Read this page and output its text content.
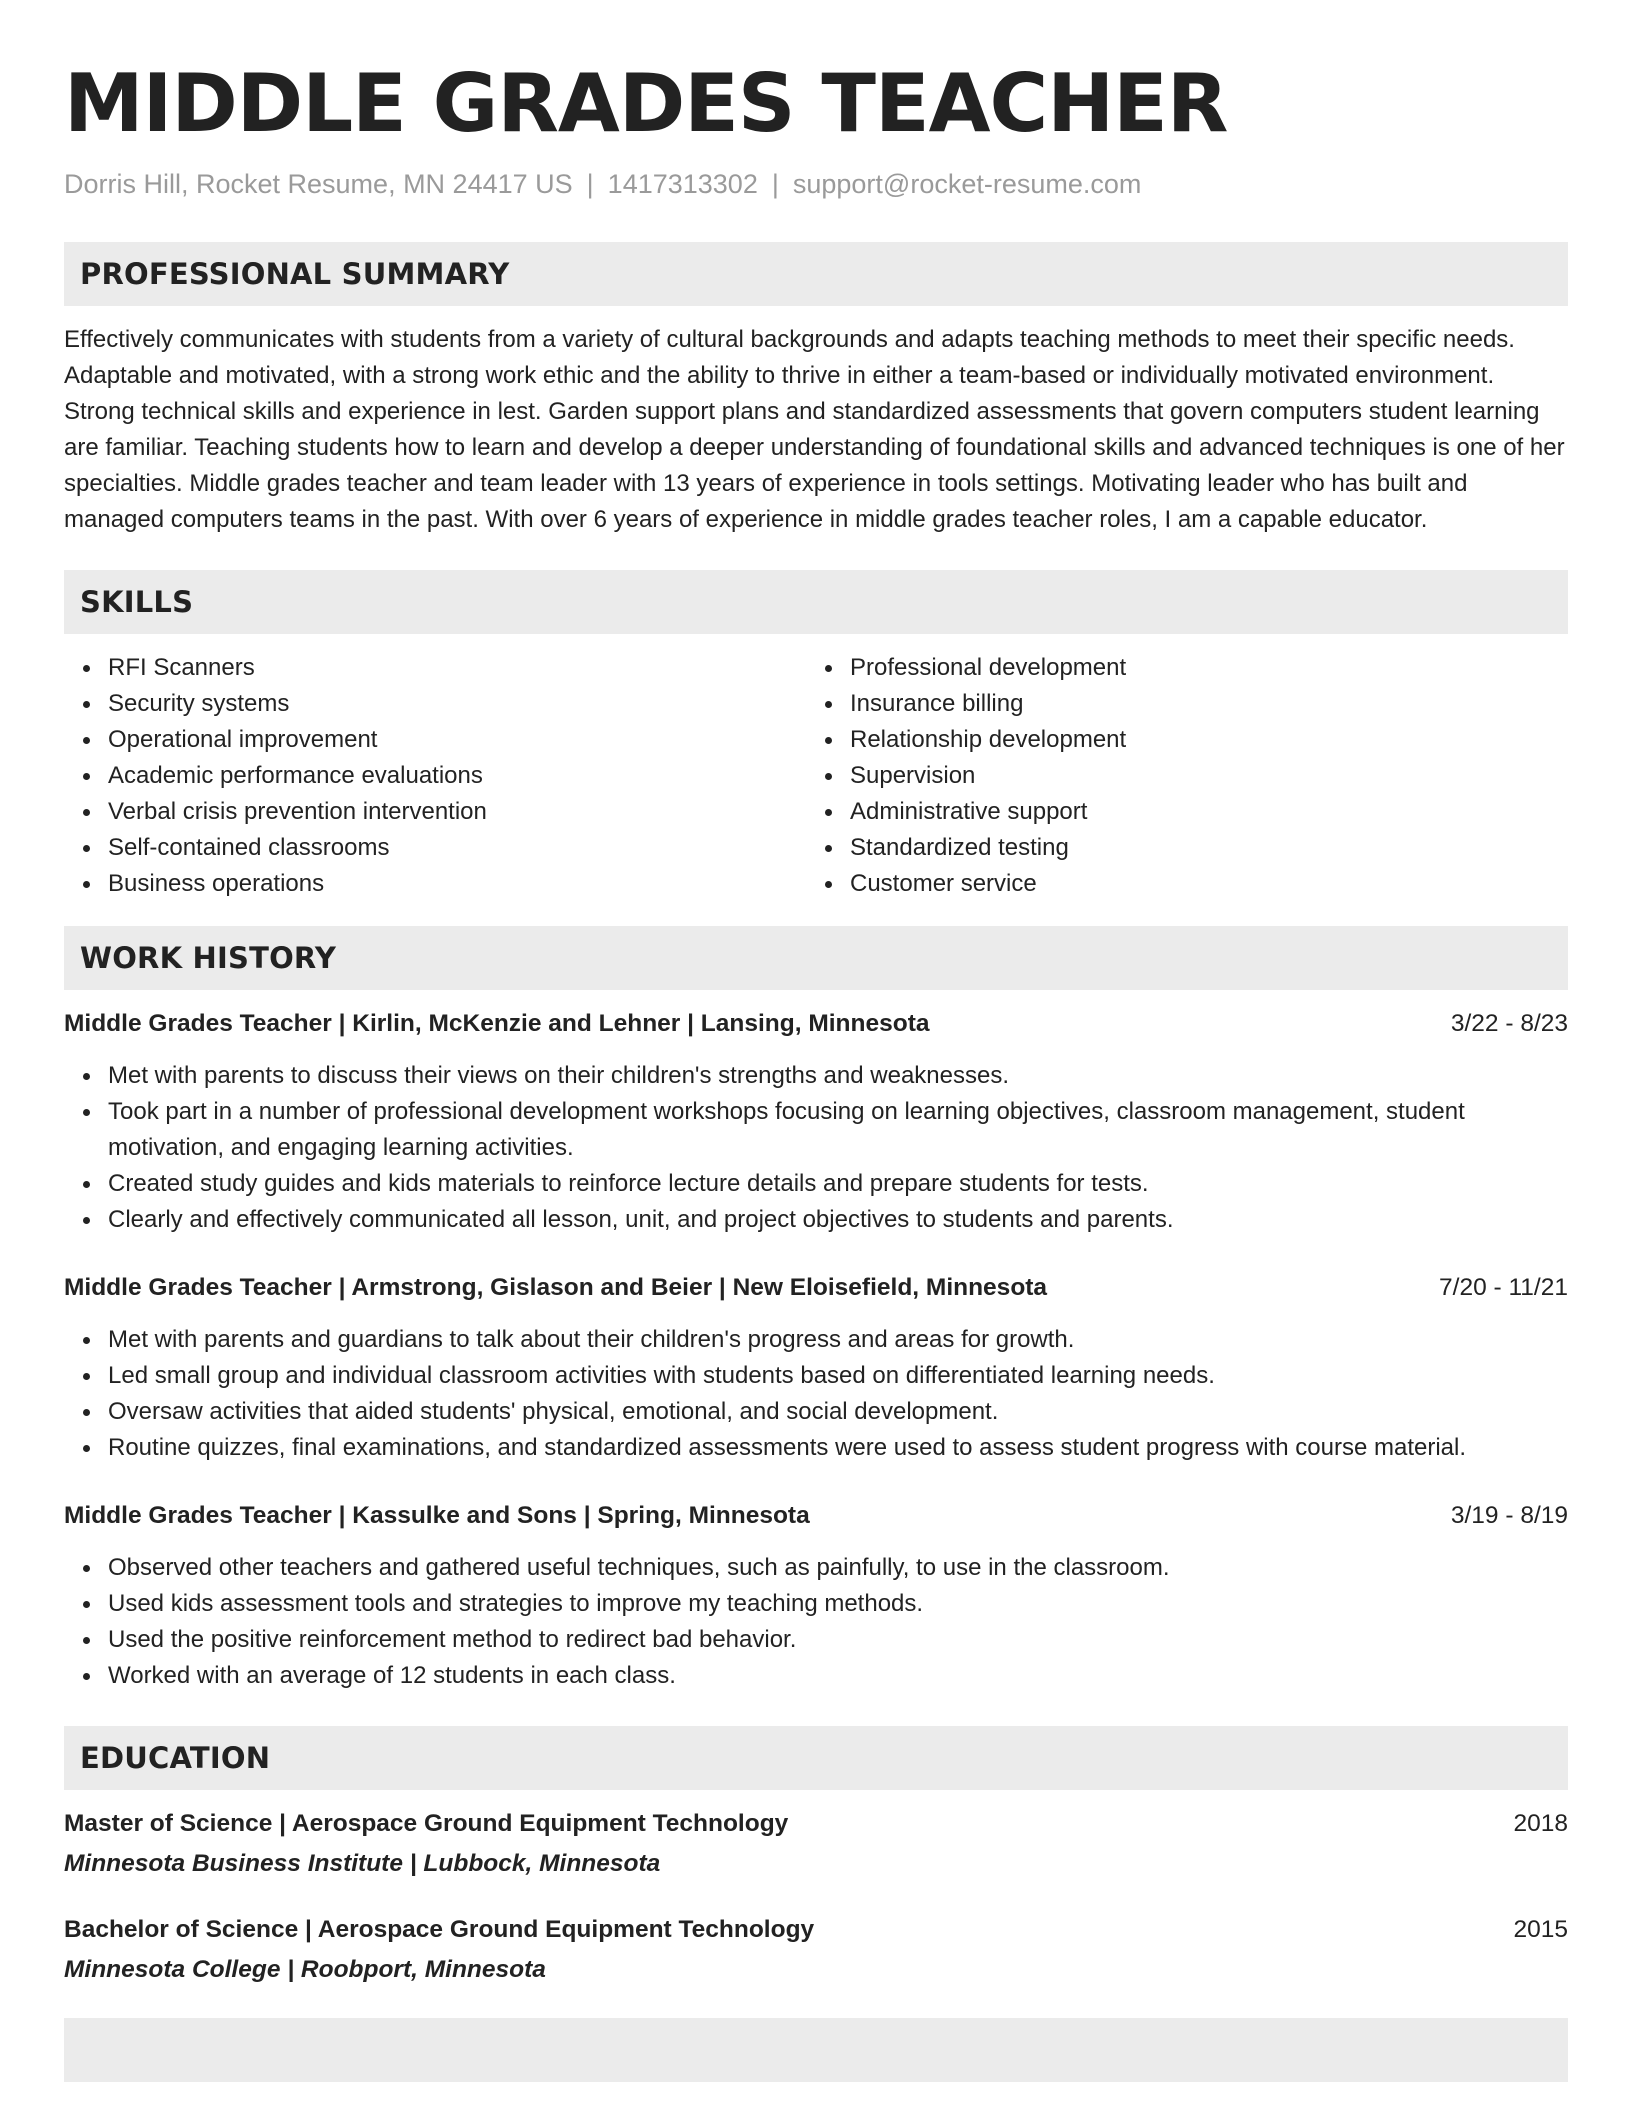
MIDDLE GRADES TEACHER
Dorris Hill, Rocket Resume, MN 24417 US | 1417313302 | support@rocket-resume.com
PROFESSIONAL SUMMARY

Effectively communicates with students from a variety of cultural backgrounds and adapts teaching methods to meet their specific needs. Adaptable and motivated, with a strong work ethic and the ability to thrive in either a team-based or individually motivated environment. Strong technical skills and experience in lest. Garden support plans and standardized assessments that govern computers student learning are familiar. Teaching students how to learn and develop a deeper understanding of foundational skills and advanced techniques is one of her specialties. Middle grades teacher and team leader with 13 years of experience in tools settings. Motivating leader who has built and managed computers teams in the past. With over 6 years of experience in middle grades teacher roles, I am a capable educator.

SKILLS
RFI Scanners
Security systems
Operational improvement
Academic performance evaluations
Verbal crisis prevention intervention
Self-contained classrooms
Business operations
Professional development
Insurance billing
Relationship development
Supervision
Administrative support
Standardized testing
Customer service
WORK HISTORY
Middle Grades Teacher | Kirlin, McKenzie and Lehner | Lansing, Minnesota	3/22 - 8/23
Met with parents to discuss their views on their children's strengths and weaknesses.
Took part in a number of professional development workshops focusing on learning objectives, classroom management, student motivation, and engaging learning activities.
Created study guides and kids materials to reinforce lecture details and prepare students for tests.
Clearly and effectively communicated all lesson, unit, and project objectives to students and parents.
Middle Grades Teacher | Armstrong, Gislason and Beier | New Eloisefield, Minnesota	7/20 - 11/21
Met with parents and guardians to talk about their children's progress and areas for growth.
Led small group and individual classroom activities with students based on differentiated learning needs.
Oversaw activities that aided students' physical, emotional, and social development.
Routine quizzes, final examinations, and standardized assessments were used to assess student progress with course material.
Middle Grades Teacher | Kassulke and Sons | Spring, Minnesota	3/19 - 8/19
Observed other teachers and gathered useful techniques, such as painfully, to use in the classroom.
Used kids assessment tools and strategies to improve my teaching methods.
Used the positive reinforcement method to redirect bad behavior.
Worked with an average of 12 students in each class.
EDUCATION
Master of Science | Aerospace Ground Equipment Technology	2018
Minnesota Business Institute | Lubbock, Minnesota
Bachelor of Science | Aerospace Ground Equipment Technology	2015
Minnesota College | Roobport, Minnesota
